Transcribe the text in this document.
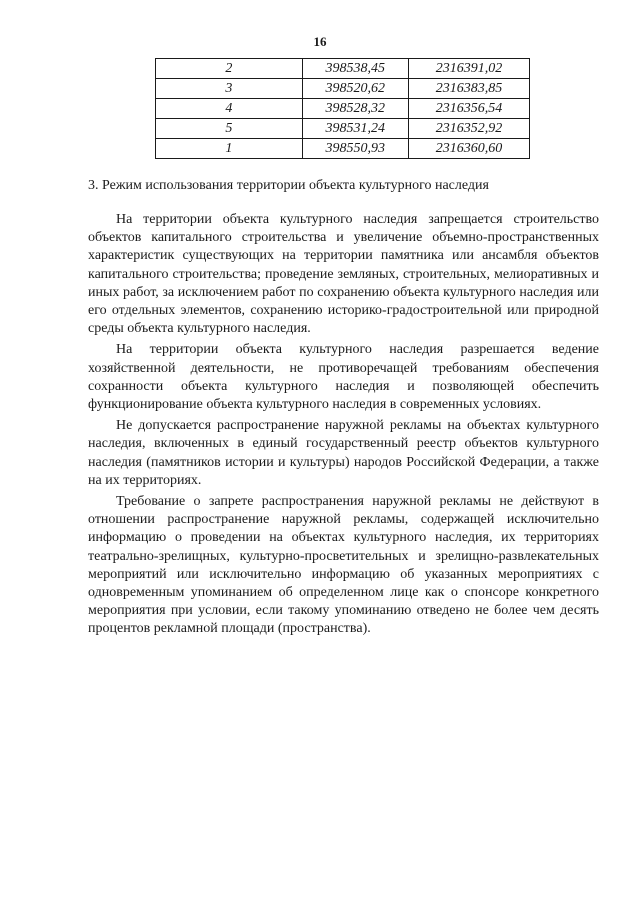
16
2	398538,45	2316391,02
3	398520,62	2316383,85
4	398528,32	2316356,54
5	398531,24	2316352,92
1	398550,93	2316360,60
3. Режим использования территории объекта культурного наследия

На территории объекта культурного наследия запрещается строительство объектов капитального строительства и увеличение объемно-пространственных характеристик существующих на территории памятника или ансамбля объектов капитального строительства; проведение земляных, строительных, мелиоративных и иных работ, за исключением работ по сохранению объекта культурного наследия или его отдельных элементов, сохранению историко-градостроительной или природной среды объекта культурного наследия.

На территории объекта культурного наследия разрешается ведение хозяйственной деятельности, не противоречащей требованиям обеспечения сохранности объекта культурного наследия и позволяющей обеспечить функционирование объекта культурного наследия в современных условиях.

Не допускается распространение наружной рекламы на объектах культурного наследия, включенных в единый государственный реестр объектов культурного наследия (памятников истории и культуры) народов Российской Федерации, а также на их территориях.

Требование о запрете распространения наружной рекламы не действуют в отношении распространение наружной рекламы, содержащей исключительно информацию о проведении на объектах культурного наследия, их территориях театрально-зрелищных, культурно-просветительных и зрелищно-развлекательных мероприятий или исключительно информацию об указанных мероприятиях с одновременным упоминанием об определенном лице как о спонсоре конкретного мероприятия при условии, если такому упоминанию отведено не более чем десять процентов рекламной площади (пространства).
